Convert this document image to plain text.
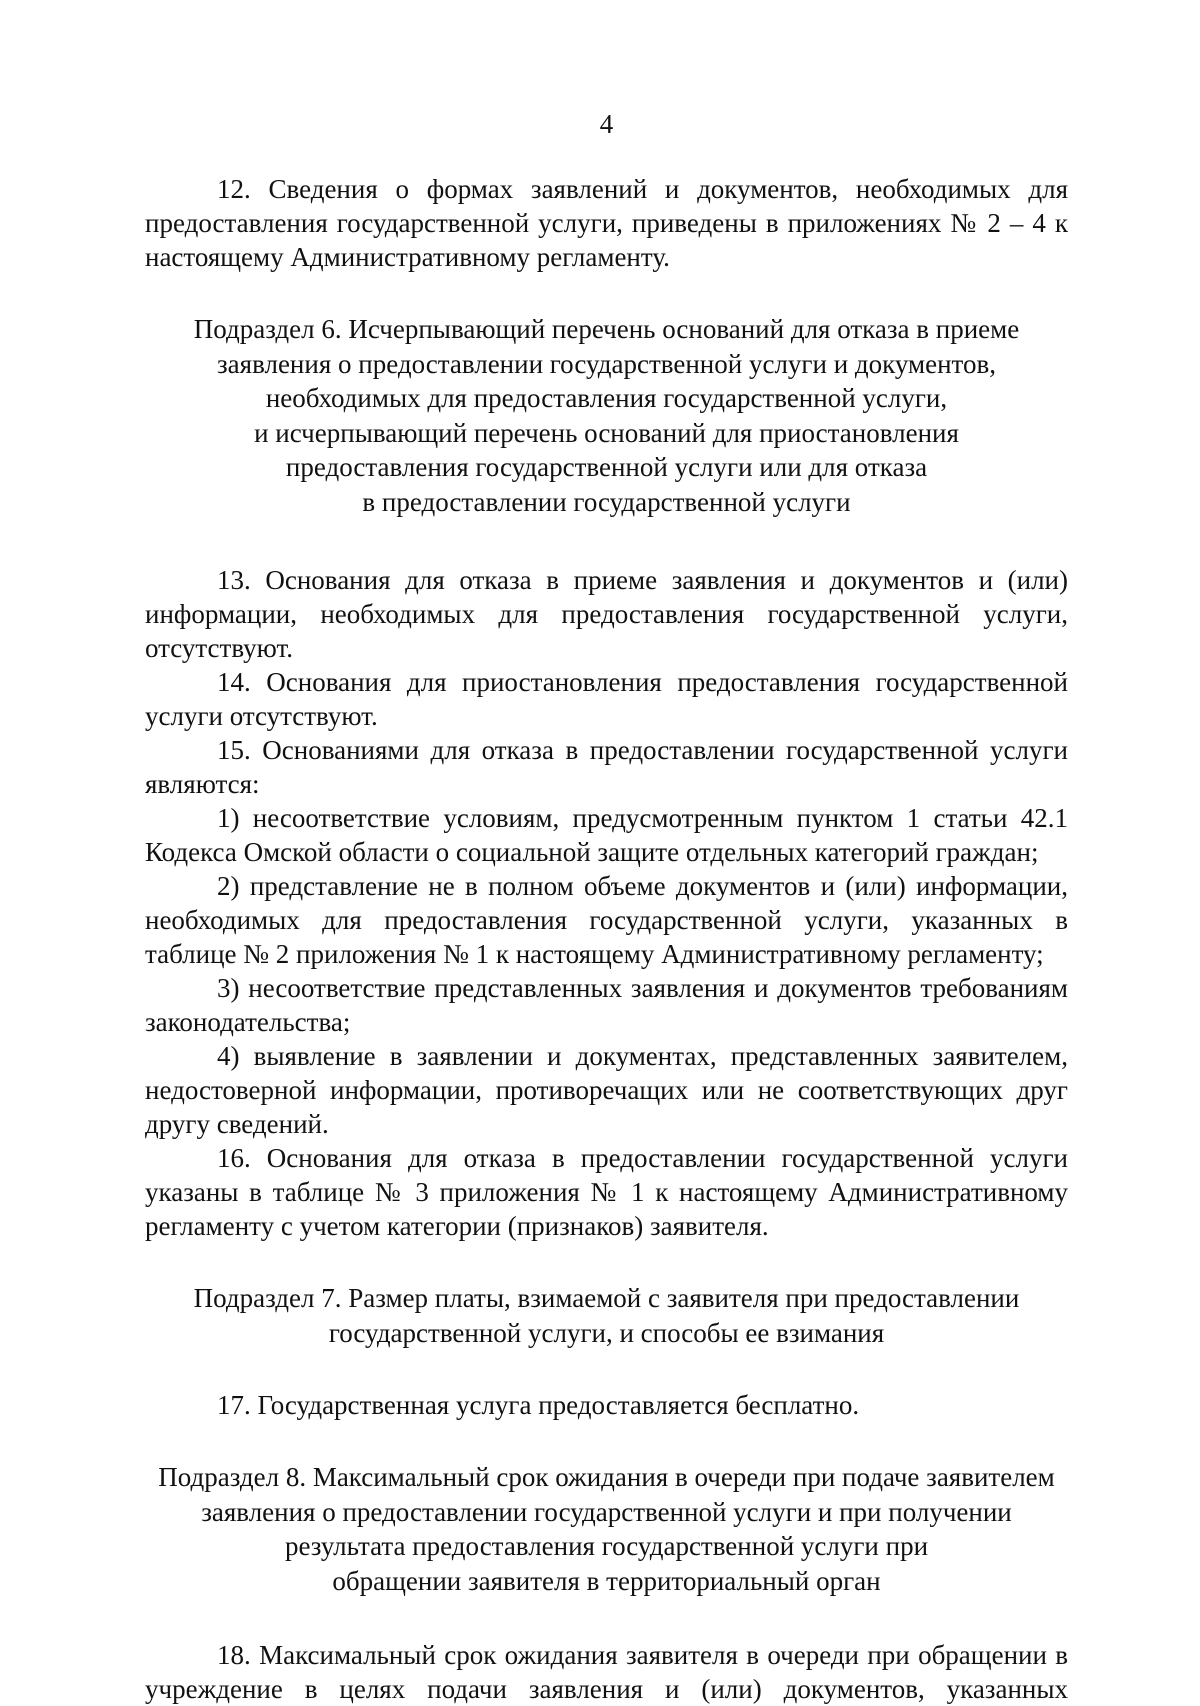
4

12. Сведения о формах заявлений и документов, необходимых для предоставления государственной услуги, приведены в приложениях № 2 – 4 к настоящему Административному регламенту.

Подраздел 6. Исчерпывающий перечень оснований для отказа в приеме
заявления о предоставлении государственной услуги и документов,
необходимых для предоставления государственной услуги,
и исчерпывающий перечень оснований для приостановления
предоставления государственной услуги или для отказа
в предоставлении государственной услуги

13. Основания для отказа в приеме заявления и документов и (или) информации, необходимых для предоставления государственной услуги, отсутствуют.

14. Основания для приостановления предоставления государственной услуги отсутствуют.

15. Основаниями для отказа в предоставлении государственной услуги являются:

1) несоответствие условиям, предусмотренным пунктом 1 статьи 42.1 Кодекса Омской области о социальной защите отдельных категорий граждан;

2) представление не в полном объеме документов и (или) информации, необходимых для предоставления государственной услуги, указанных в таблице № 2 приложения № 1 к настоящему Административному регламенту;

3) несоответствие представленных заявления и документов требованиям законодательства;

4) выявление в заявлении и документах, представленных заявителем, недостоверной информации, противоречащих или не соответствующих друг другу сведений.

16. Основания для отказа в предоставлении государственной услуги указаны в таблице № 3 приложения № 1 к настоящему Административному регламенту с учетом категории (признаков) заявителя.

Подраздел 7. Размер платы, взимаемой с заявителя при предоставлении
государственной услуги, и способы ее взимания

17. Государственная услуга предоставляется бесплатно.

Подраздел 8. Максимальный срок ожидания в очереди при подаче заявителем
заявления о предоставлении государственной услуги и при получении
результата предоставления государственной услуги при
обращении заявителя в территориальный орган

18. Максимальный срок ожидания заявителя в очереди при обращении в учреждение в целях подачи заявления и (или) документов, указанных
